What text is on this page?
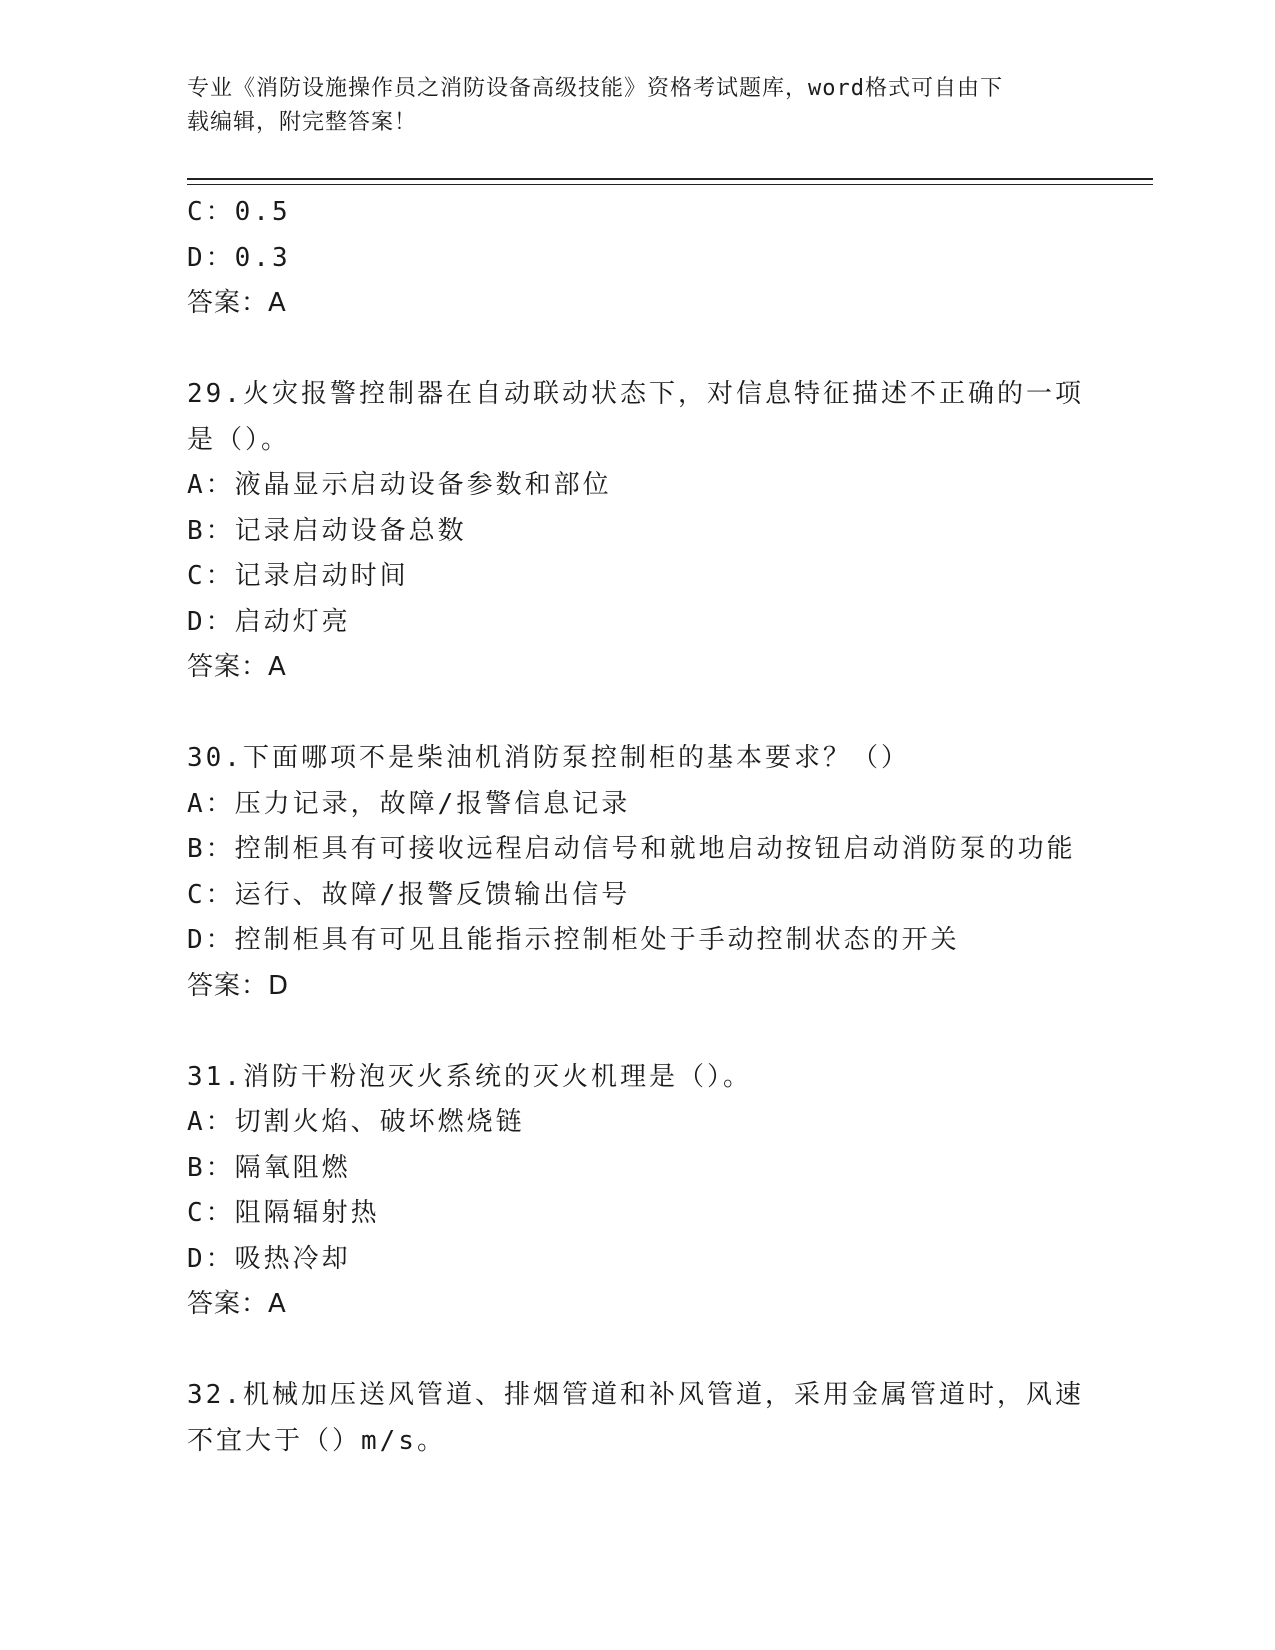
专业《消防设施操作员之消防设备高级技能》资格考试题库，word格式可自由下
载编辑，附完整答案！
C：0.5
D：0.3
答案：A
29.火灾报警控制器在自动联动状态下，对信息特征描述不正确的一项
是（）。
A：液晶显示启动设备参数和部位
B：记录启动设备总数
C：记录启动时间
D：启动灯亮
答案：A
30.下面哪项不是柴油机消防泵控制柜的基本要求？（）
A：压力记录，故障/报警信息记录
B：控制柜具有可接收远程启动信号和就地启动按钮启动消防泵的功能
C：运行、故障/报警反馈输出信号
D：控制柜具有可见且能指示控制柜处于手动控制状态的开关
答案：D
31.消防干粉泡灭火系统的灭火机理是（）。
A：切割火焰、破坏燃烧链
B：隔氧阻燃
C：阻隔辐射热
D：吸热冷却
答案：A
32.机械加压送风管道、排烟管道和补风管道，采用金属管道时，风速
不宜大于（）m/s。
